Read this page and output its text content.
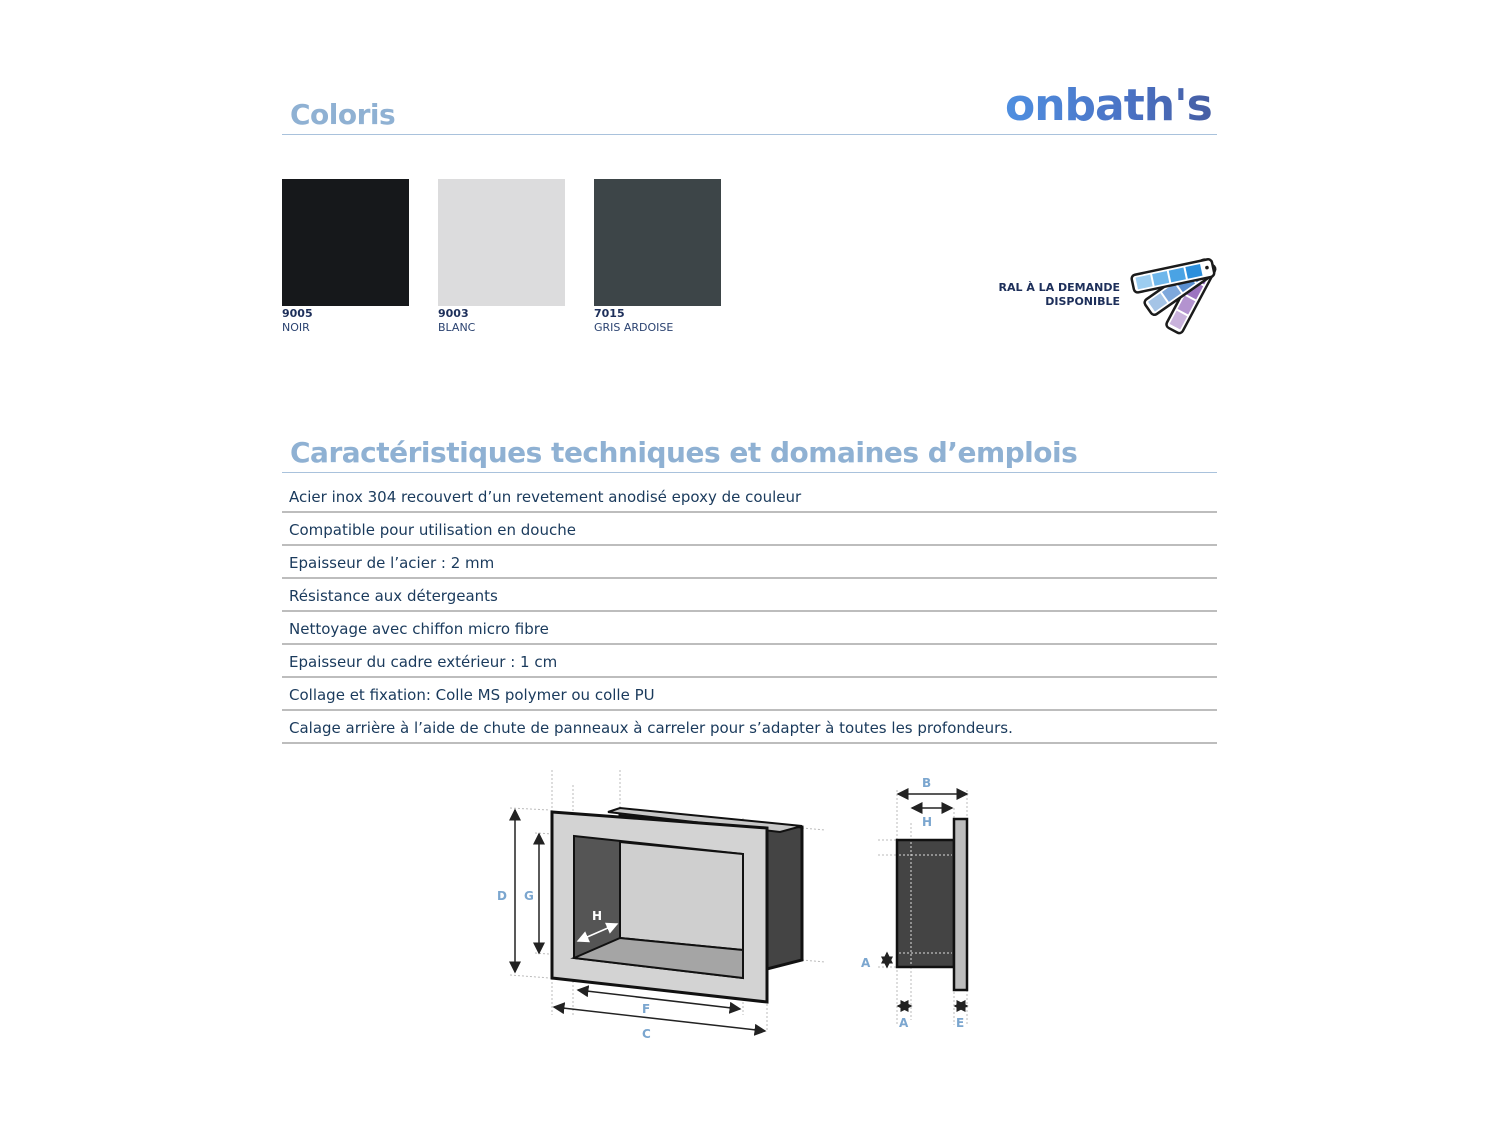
Coloris	onbath's
9005
NOIR
9003
BLANC
7015
GRIS ARDOISE
RAL À LA DEMANDE
DISPONIBLE
Caractéristiques techniques et domaines d’emplois
Acier inox 304 recouvert d’un revetement anodisé epoxy de couleur
Compatible pour utilisation en douche
Epaisseur de l’acier : 2 mm
Résistance aux détergeants
Nettoyage avec chiffon micro fibre
Epaisseur du cadre extérieur : 1 cm
Collage et fixation: Colle MS polymer ou colle PU
Calage arrière à l’aide de chute de panneaux à carreler pour s’adapter à toutes les profondeurs.
D G
H
F
C
B
H
A
A	E
